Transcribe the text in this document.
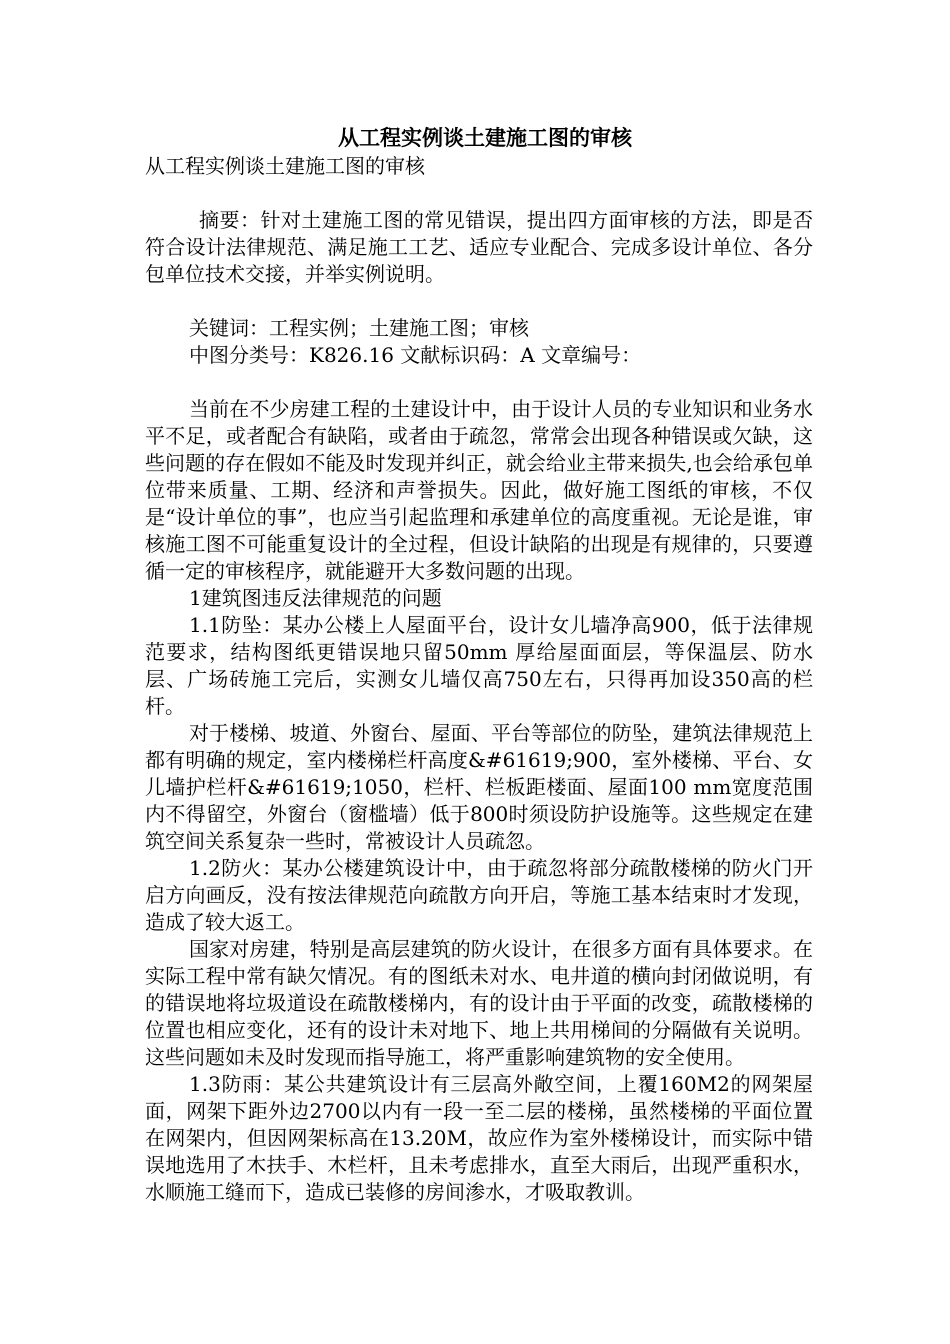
从工程实例谈土建施工图的审核
从工程实例谈土建施工图的审核

摘要：针对土建施工图的常见错误，提出四方面审核的方法，即是否符合设计法律规范、满足施工工艺、适应专业配合、完成多设计单位、各分包单位技术交接，并举实例说明。

关键词：工程实例；土建施工图；审核
中图分类号：K826.16 文献标识码：A 文章编号：

当前在不少房建工程的土建设计中，由于设计人员的专业知识和业务水平不足，或者配合有缺陷，或者由于疏忽，常常会出现各种错误或欠缺，这些问题的存在假如不能及时发现并纠正，就会给业主带来损失,也会给承包单位带来质量、工期、经济和声誉损失。因此，做好施工图纸的审核，不仅是“设计单位的事”，也应当引起监理和承建单位的高度重视。无论是谁，审核施工图不可能重复设计的全过程，但设计缺陷的出现是有规律的，只要遵循一定的审核程序，就能避开大多数问题的出现。

1建筑图违反法律规范的问题

1.1防坠：某办公楼上人屋面平台，设计女儿墙净高900，低于法律规范要求，结构图纸更错误地只留50mm 厚给屋面面层，等保温层、防水层、广场砖施工完后，实测女儿墙仅高750左右，只得再加设350高的栏杆。

对于楼梯、坡道、外窗台、屋面、平台等部位的防坠，建筑法律规范上都有明确的规定，室内楼梯栏杆高度&#61619;900，室外楼梯、平台、女儿墙护栏杆&#61619;1050，栏杆、栏板距楼面、屋面100 mm宽度范围内不得留空，外窗台（窗槛墙）低于800时须设防护设施等。这些规定在建筑空间关系复杂一些时，常被设计人员疏忽。

1.2防火：某办公楼建筑设计中，由于疏忽将部分疏散楼梯的防火门开启方向画反，没有按法律规范向疏散方向开启，等施工基本结束时才发现，造成了较大返工。

国家对房建，特别是高层建筑的防火设计，在很多方面有具体要求。在实际工程中常有缺欠情况。有的图纸未对水、电井道的横向封闭做说明，有的错误地将垃圾道设在疏散楼梯内，有的设计由于平面的改变，疏散楼梯的位置也相应变化，还有的设计未对地下、地上共用梯间的分隔做有关说明。这些问题如未及时发现而指导施工，将严重影响建筑物的安全使用。

1.3防雨：某公共建筑设计有三层高外敞空间，上覆160M2的网架屋面，网架下距外边2700以内有一段一至二层的楼梯，虽然楼梯的平面位置在网架内，但因网架标高在13.20M，故应作为室外楼梯设计，而实际中错误地选用了木扶手、木栏杆，且未考虑排水，直至大雨后，出现严重积水，水顺施工缝而下，造成已装修的房间渗水，才吸取教训。
